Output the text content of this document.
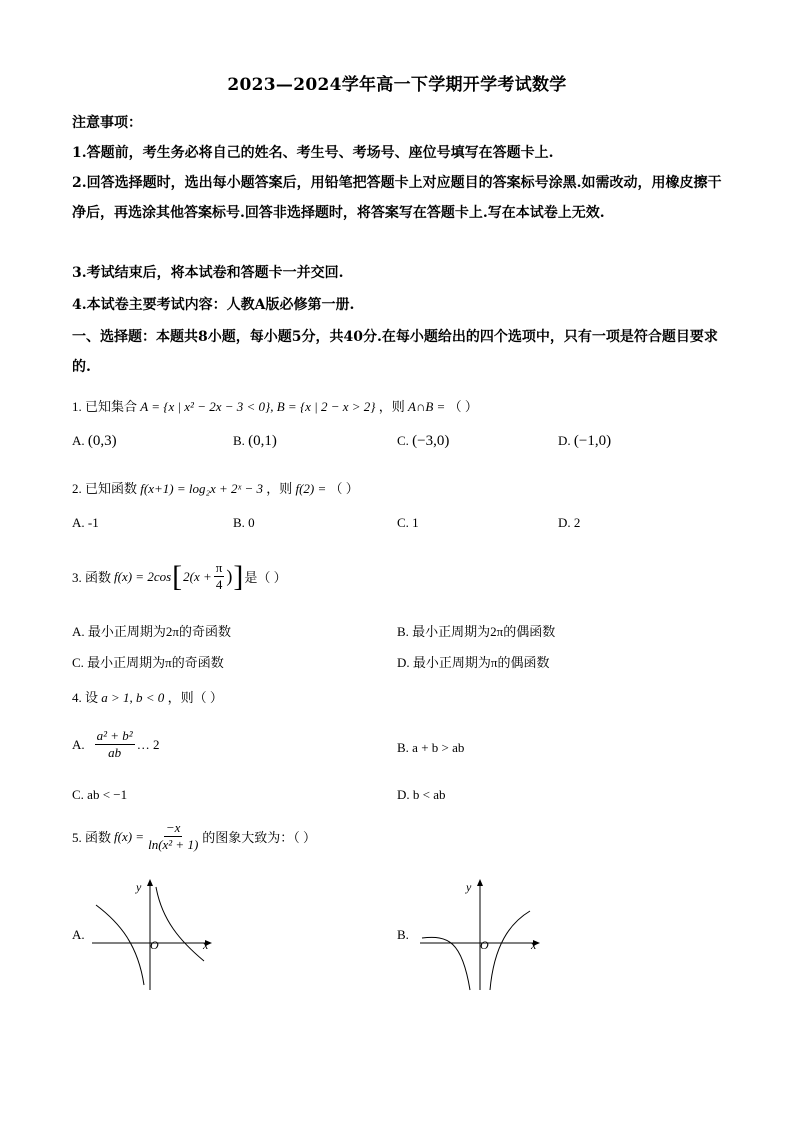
2023—2024学年高一下学期开学考试数学
注意事项：
1.答题前，考生务必将自己的姓名、考生号、考场号、座位号填写在答题卡上.
2.回答选择题时，选出每小题答案后，用铅笔把答题卡上对应题目的答案标号涂黑.如需改动，用橡皮擦干净后，再选涂其他答案标号.回答非选择题时，将答案写在答题卡上.写在本试卷上无效.
3.考试结束后，将本试卷和答题卡一并交回.
4.本试卷主要考试内容：人教A版必修第一册.
一、选择题：本题共8小题，每小题5分，共40分.在每小题给出的四个选项中，只有一项是符合题目要求的.
1. 已知集合 A = {x | x² − 2x − 3 < 0}, B = {x | 2 − x > 2} ，则 A∩B = （ ）
A. (0,3)	B. (0,1)	C. (−3,0)	D. (−1,0)
2. 已知函数 f(x+1) = log₂x + 2ˣ − 3 ，则 f(2) = （ ）
A. -1	B. 0	C. 1	D. 2
3. 函数 f(x) = 2cos [ $2(x + \frac{\pi}{4}$ ) ] 是（ ）
A. 最小正周期为2π的奇函数	B. 最小正周期为2π的偶函数
C. 最小正周期为π的奇函数	D. 最小正周期为π的偶函数
4. 设 a > 1, b < 0 ，则（ ）
A. $\frac{\text{a² + b²}}{ab}$ … 2	B. a + b > ab
C. ab < −1	D. b < ab
5. 函数 $f(x) = \frac{-x}{\text{ln(x² + 1)}}$ 的图象大致为：（ ）
A.
y
O	x
B.
y
O	x
